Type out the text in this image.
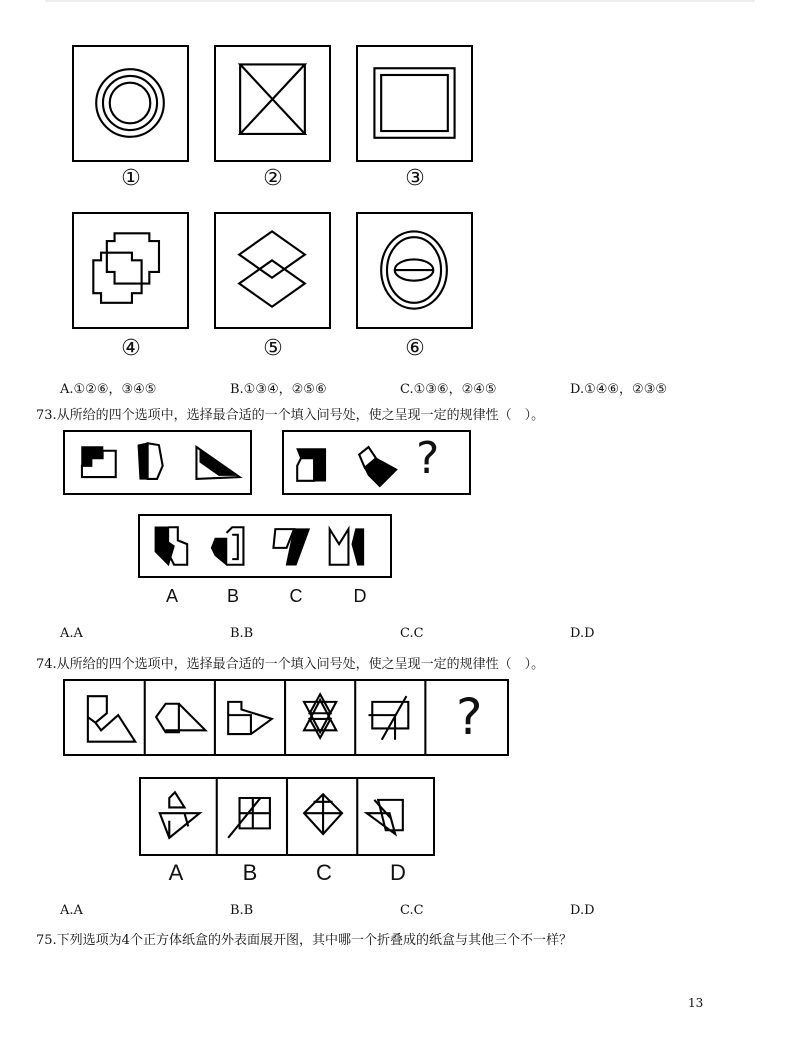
①	②	③
④	⑤	⑥
A.①②⑥，③④⑤	B.①③④，②⑤⑥	C.①③⑥，②④⑤	D.①④⑥，②③⑤
73.从所给的四个选项中，选择最合适的一个填入问号处，使之呈现一定的规律性（　）。
?
A	B	C	D
A.A	B.B	C.C	D.D
74.从所给的四个选项中，选择最合适的一个填入问号处，使之呈现一定的规律性（　）。
?
A	B	C	D
A.A	B.B	C.C	D.D
75.下列选项为4个正方体纸盒的外表面展开图，其中哪一个折叠成的纸盒与其他三个不一样？
13
